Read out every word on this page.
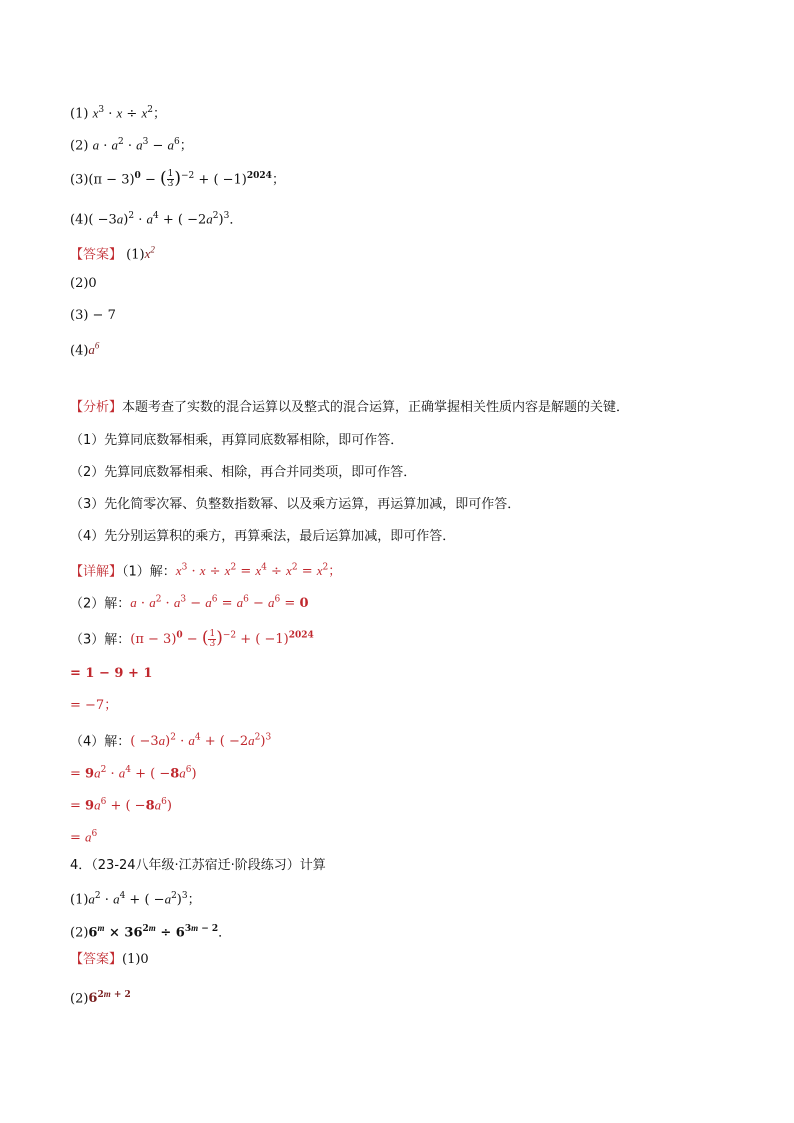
(1) $x^3 \cdot x \div x^2$；
(2) $a \cdot a^2 \cdot a^3 - a^6$；
$(3)(\pi - 3)^0$ − ( $\frac{1}{3} )^{-2}$ + ( −1)$^{2024}$；
$(4)( -3a)^2 \cdot a^4$ + ( $-2a^2)^3$．
【答案】 $(1)x^2$
(2)0
(3) − 7
$(4)a^6$
【分析】本题考查了实数的混合运算以及整式的混合运算，正确掌握相关性质内容是解题的关键．
（1）先算同底数幂相乘，再算同底数幂相除，即可作答．
（2）先算同底数幂相乘、相除，再合并同类项，即可作答．
（3）先化简零次幂、负整数指数幂、以及乘方运算，再运算加减，即可作答．
（4）先分别运算积的乘方，再算乘法，最后运算加减，即可作答．
【详解】（1）解：$x^3 \cdot x \div x^2 = x^4 \div x^2 = x^2$；
（2）解：$a \cdot a^2 \cdot a^3 - a^6 = a^6 - a^6 = 0$
（3）解：$(\pi - 3)^0$ − ( $\frac{1}{3} )^{-2}$ + ( −1)$^{2024}$
= 1 − 9 + 1
= −7；
（4）解：( $-3a)^2 \cdot a^4$ + ( $-2a^2)^3$
= $9a^2 \cdot a^4$ + ( $-8a^6$)
= $9a^6$ + ( $-8a^6$)
= $a^6$
4．（23-24八年级·江苏宿迁·阶段练习）计算
$(1)a^2 \cdot a^4$ + ( $-a^2)^3$；
$(2)6^m \times 36^{2m} \div 6^{3m - 2}$．
【答案】(1)0
$(2)6^{2m + 2}$
